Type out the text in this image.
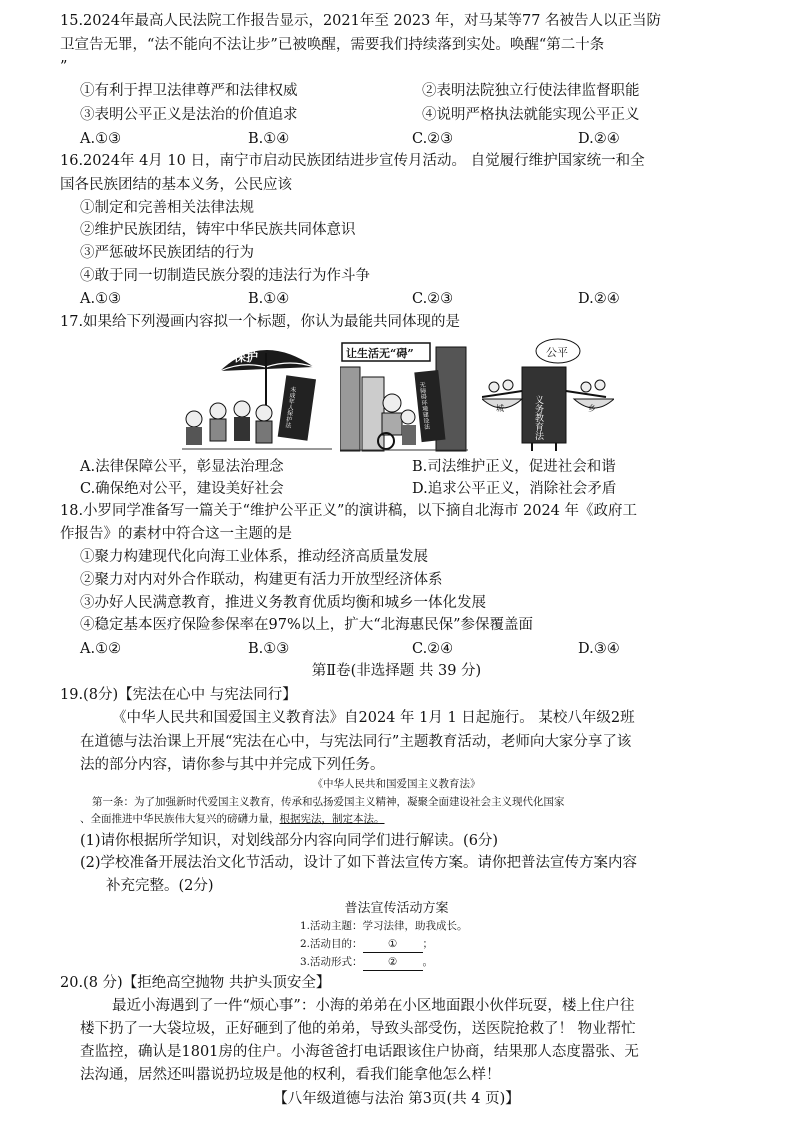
15.2024年最高人民法院工作报告显示，2021年至 2023 年，对马某等77 名被告人以正当防
卫宣告无罪，“法不能向不法让步”已被唤醒，需要我们持续落到实处。唤醒“第二十条
”
①有利于捍卫法律尊严和法律权威	②表明法院独立行使法律监督职能
③表明公平正义是法治的价值追求	④说明严格执法就能实现公平正义
A.①③	B.①④	C.②③	D.②④
16.2024年 4月 10 日，南宁市启动民族团结进步宣传月活动。 自觉履行维护国家统一和全
国各民族团结的基本义务，公民应该
①制定和完善相关法律法规
②维护民族团结，铸牢中华民族共同体意识
③严惩破坏民族团结的行为
④敢于同一切制造民族分裂的违法行为作斗争
A.①③	B.①④	C.②③	D.②④
17.如果给下列漫画内容拟一个标题，你认为最能共同体现的是
保护
未成年人保护法
让生活无“碍”
无障碍环境建设法
公平
义务教育法
城	乡
A.法律保障公平，彰显法治理念	B.司法维护正义，促进社会和谐
C.确保绝对公平，建设美好社会	D.追求公平正义，消除社会矛盾
18.小罗同学准备写一篇关于“维护公平正义”的演讲稿，以下摘自北海市 2024 年《政府工
作报告》的素材中符合这一主题的是
①聚力构建现代化向海工业体系，推动经济高质量发展
②聚力对内对外合作联动，构建更有活力开放型经济体系
③办好人民满意教育，推进义务教育优质均衡和城乡一体化发展
④稳定基本医疗保险参保率在97%以上，扩大“北海惠民保”参保覆盖面
A.①②	B.①③	C.②④	D.③④
第Ⅱ卷(非选择题 共 39 分)
19.(8分)【宪法在心中 与宪法同行】
《中华人民共和国爱国主义教育法》自2024 年 1月 1 日起施行。 某校八年级2班
在道德与法治课上开展“宪法在心中，与宪法同行”主题教育活动，老师向大家分享了该
法的部分内容，请你参与其中并完成下列任务。
《中华人民共和国爱国主义教育法》
第一条：为了加强新时代爱国主义教育，传承和弘扬爱国主义精神，凝聚全面建设社会主义现代化国家
、全面推进中华民族伟大复兴的磅礴力量，根据宪法，制定本法。
(1)请你根据所学知识，对划线部分内容向同学们进行解读。(6分)
(2)学校准备开展法治文化节活动，设计了如下普法宣传方案。请你把普法宣传方案内容
补充完整。(2分)
普法宣传活动方案
1.活动主题：学习法律，助我成长。
2.活动目的： ① ；
3.活动形式： ② 。
20.(8 分)【拒绝高空抛物 共护头顶安全】
最近小海遇到了一件“烦心事”：小海的弟弟在小区地面跟小伙伴玩耍，楼上住户往
楼下扔了一大袋垃圾，正好砸到了他的弟弟，导致头部受伤，送医院抢救了！ 物业帮忙
查监控，确认是1801房的住户。小海爸爸打电话跟该住户协商，结果那人态度嚣张、无
法沟通，居然还叫嚣说扔垃圾是他的权利，看我们能拿他怎么样！
【八年级道德与法治 第3页(共 4 页)】
